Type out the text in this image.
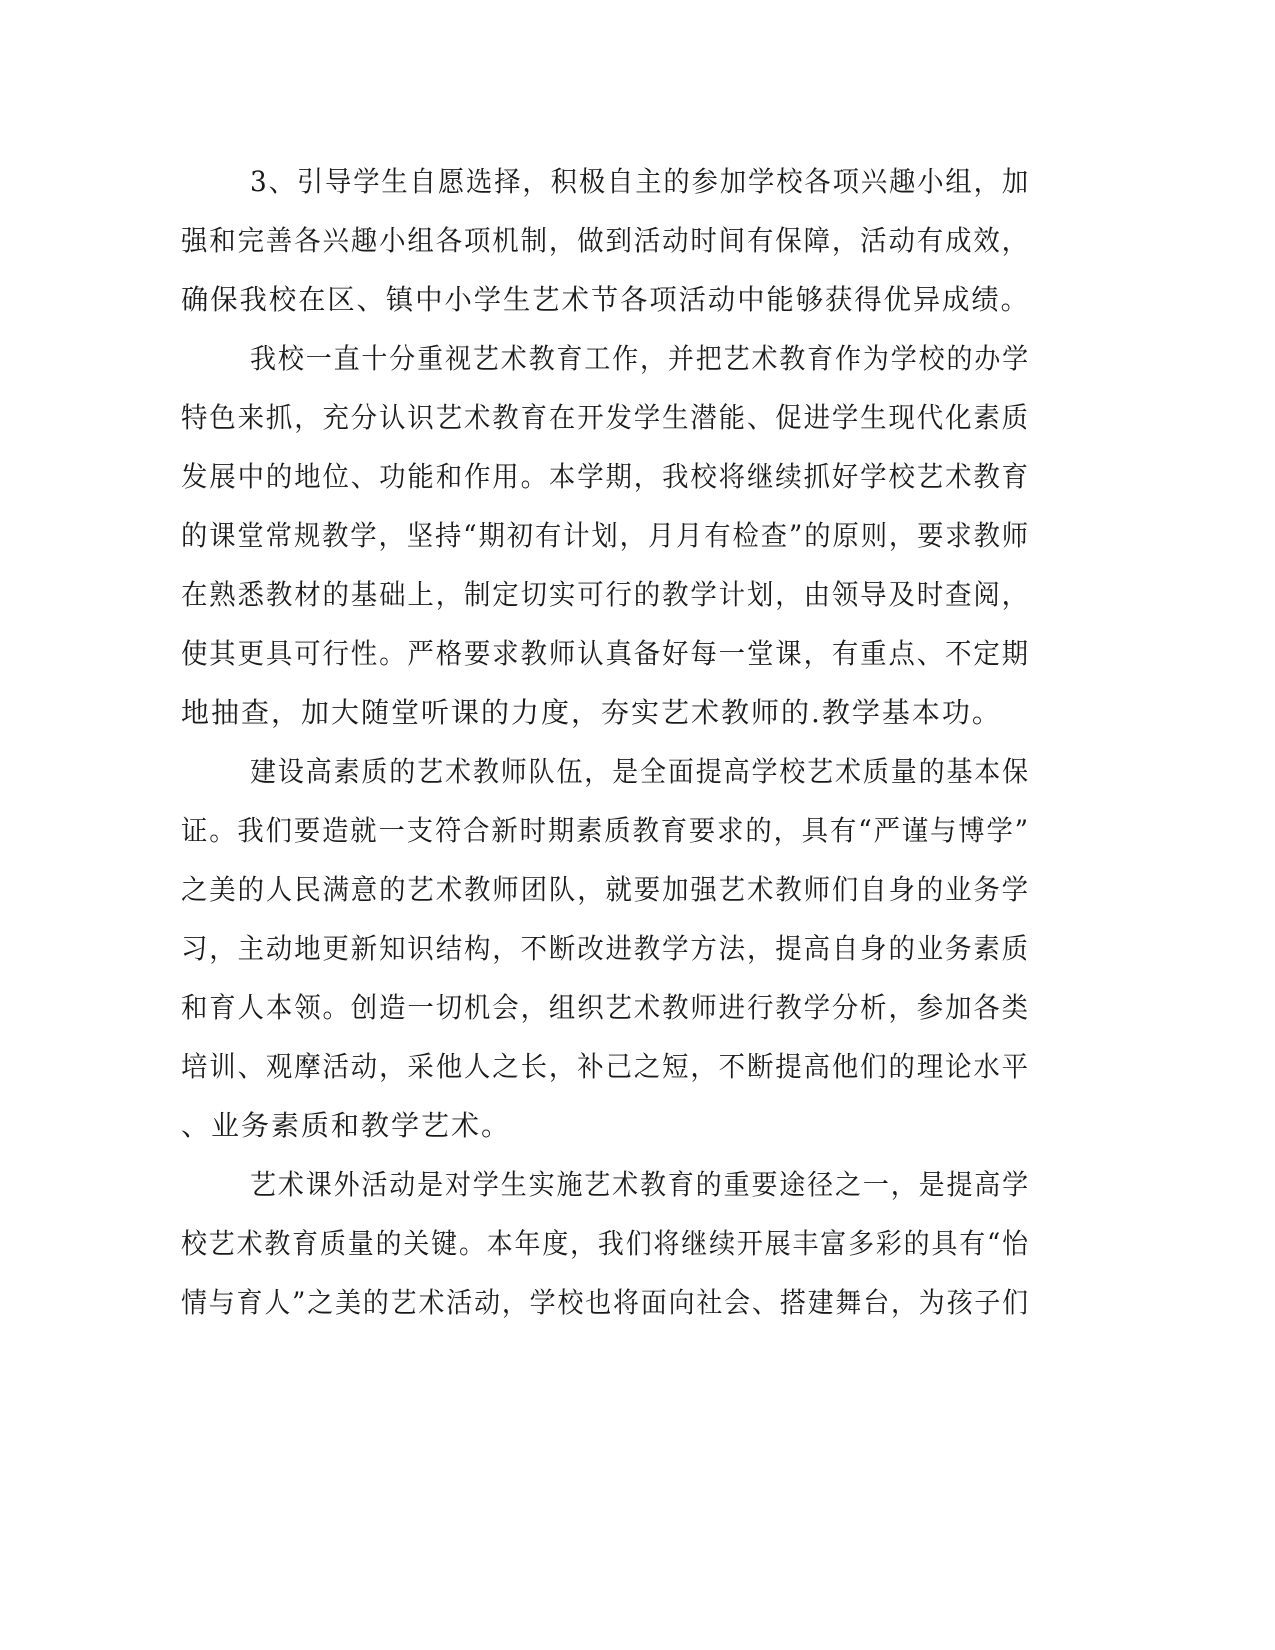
3、引导学生自愿选择，积极自主的参加学校各项兴趣小组，加
强和完善各兴趣小组各项机制，做到活动时间有保障，活动有成效，
确保我校在区、镇中小学生艺术节各项活动中能够获得优异成绩。
我校一直十分重视艺术教育工作，并把艺术教育作为学校的办学
特色来抓，充分认识艺术教育在开发学生潜能、促进学生现代化素质
发展中的地位、功能和作用。本学期，我校将继续抓好学校艺术教育
的课堂常规教学，坚持“期初有计划，月月有检查”的原则，要求教师
在熟悉教材的基础上，制定切实可行的教学计划，由领导及时查阅，
使其更具可行性。严格要求教师认真备好每一堂课，有重点、不定期
地抽查，加大随堂听课的力度，夯实艺术教师的.教学基本功。
建设高素质的艺术教师队伍，是全面提高学校艺术质量的基本保
证。我们要造就一支符合新时期素质教育要求的，具有“严谨与博学”
之美的人民满意的艺术教师团队，就要加强艺术教师们自身的业务学
习，主动地更新知识结构，不断改进教学方法，提高自身的业务素质
和育人本领。创造一切机会，组织艺术教师进行教学分析，参加各类
培训、观摩活动，采他人之长，补己之短，不断提高他们的理论水平
、业务素质和教学艺术。
艺术课外活动是对学生实施艺术教育的重要途径之一，是提高学
校艺术教育质量的关键。本年度，我们将继续开展丰富多彩的具有“怡
情与育人”之美的艺术活动，学校也将面向社会、搭建舞台，为孩子们
